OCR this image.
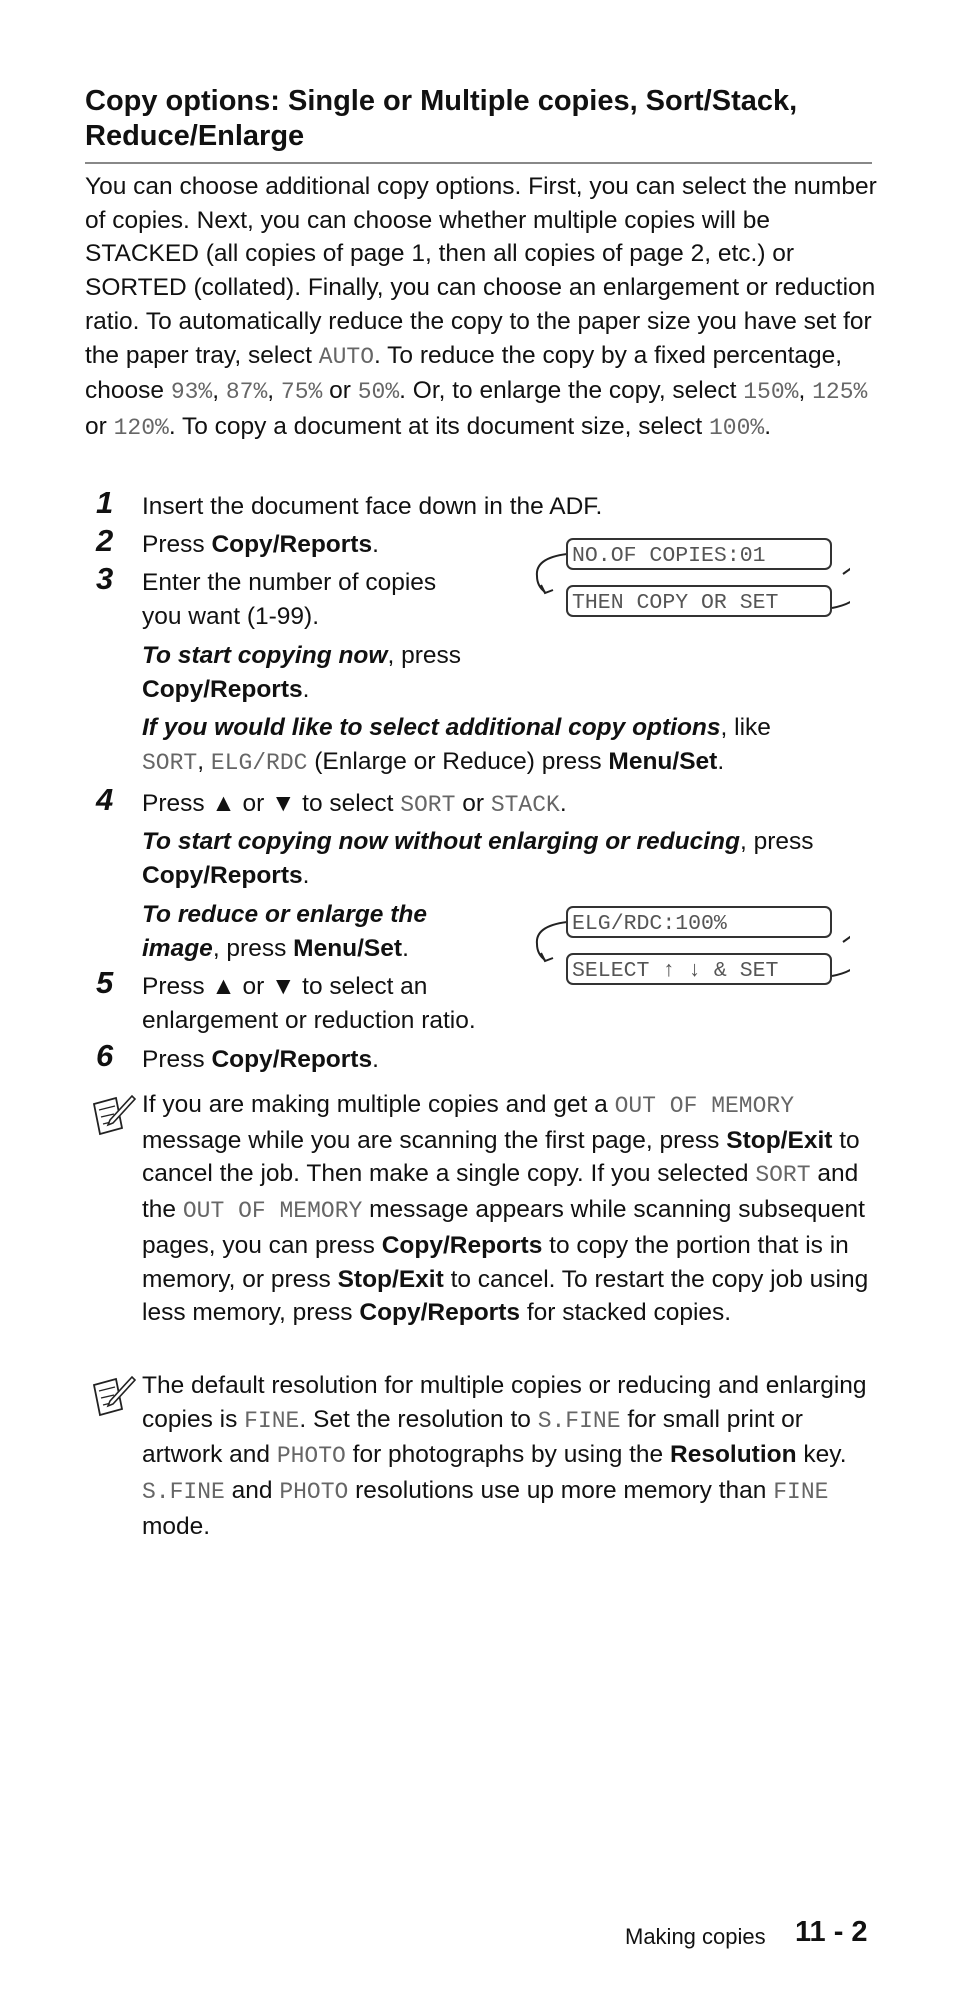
Copy options: Single or Multiple copies, Sort/Stack, Reduce/Enlarge

You can choose additional copy options. First, you can select the number of copies. Next, you can choose whether multiple copies will be STACKED (all copies of page 1, then all copies of page 2, etc.) or SORTED (collated). Finally, you can choose an enlargement or reduction ratio. To automatically reduce the copy to the paper size you have set for the paper tray, select AUTO. To reduce the copy by a fixed percentage, choose 93%, 87%, 75% or 50%. Or, to enlarge the copy, select 150%, 125% or 120%. To copy a document at its document size, select 100%.

1 Insert the document face down in the ADF.
2 Press Copy/Reports.
3 Enter the number of copies
you want (1-99).
To start copying now, press
Copy/Reports.
If you would like to select additional copy options, like
SORT, ELG/RDC (Enlarge or Reduce) press Menu/Set.
NO.OF COPIES:01
THEN COPY OR SET
4 Press ▲ or ▼ to select SORT or STACK.
To start copying now without enlarging or reducing, press
Copy/Reports.
To reduce or enlarge the
image, press Menu/Set.
ELG/RDC:100%
SELECT ↑ ↓ & SET
5 Press ▲ or ▼ to select an
enlargement or reduction ratio.
6 Press Copy/Reports.

If you are making multiple copies and get a OUT OF MEMORY message while you are scanning the first page, press Stop/Exit to cancel the job. Then make a single copy. If you selected SORT and the OUT OF MEMORY message appears while scanning subsequent pages, you can press Copy/Reports to copy the portion that is in memory, or press Stop/Exit to cancel. To restart the copy job using less memory, press Copy/Reports for stacked copies.

The default resolution for multiple copies or reducing and enlarging copies is FINE. Set the resolution to S.FINE for small print or artwork and PHOTO for photographs by using the Resolution key. S.FINE and PHOTO resolutions use up more memory than FINE mode.

Making copies 11 - 2
